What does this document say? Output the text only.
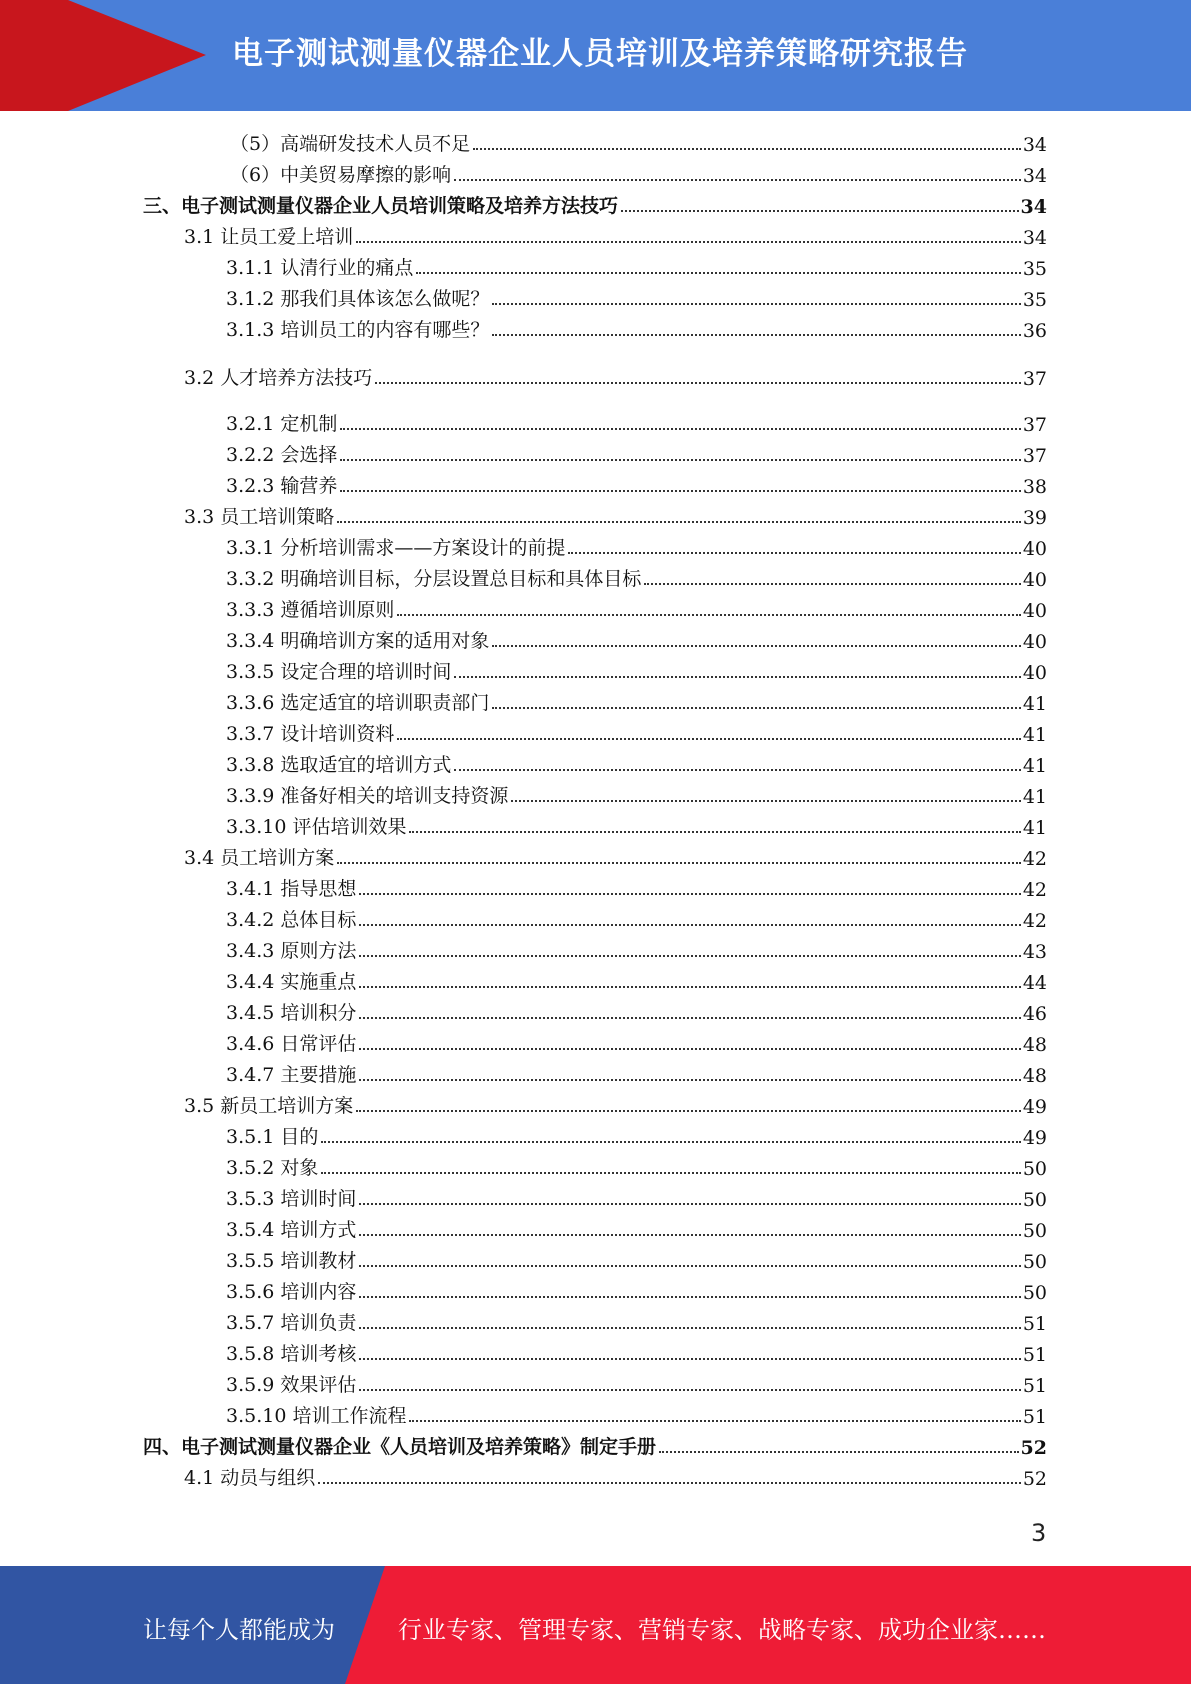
电子测试测量仪器企业人员培训及培养策略研究报告
（5）高端研发技术人员不足	34
（6）中美贸易摩擦的影响	34
三、电子测试测量仪器企业人员培训策略及培养方法技巧	34
3.1 让员工爱上培训	34
3.1.1 认清行业的痛点	35
3.1.2 那我们具体该怎么做呢？	35
3.1.3 培训员工的内容有哪些？	36
3.2 人才培养方法技巧	37
3.2.1 定机制	37
3.2.2 会选择	37
3.2.3 输营养	38
3.3 员工培训策略	39
3.3.1 分析培训需求——方案设计的前提	40
3.3.2 明确培训目标，分层设置总目标和具体目标	40
3.3.3 遵循培训原则	40
3.3.4 明确培训方案的适用对象	40
3.3.5 设定合理的培训时间	40
3.3.6 选定适宜的培训职责部门	41
3.3.7 设计培训资料	41
3.3.8 选取适宜的培训方式	41
3.3.9 准备好相关的培训支持资源	41
3.3.10 评估培训效果	41
3.4 员工培训方案	42
3.4.1 指导思想	42
3.4.2 总体目标	42
3.4.3 原则方法	43
3.4.4 实施重点	44
3.4.5 培训积分	46
3.4.6 日常评估	48
3.4.7 主要措施	48
3.5 新员工培训方案	49
3.5.1 目的	49
3.5.2 对象	50
3.5.3 培训时间	50
3.5.4 培训方式	50
3.5.5 培训教材	50
3.5.6 培训内容	50
3.5.7 培训负责	51
3.5.8 培训考核	51
3.5.9 效果评估	51
3.5.10 培训工作流程	51
四、电子测试测量仪器企业《人员培训及培养策略》制定手册	52
4.1 动员与组织	52
3
让每个人都能成为	行业专家、管理专家、营销专家、战略专家、成功企业家……
